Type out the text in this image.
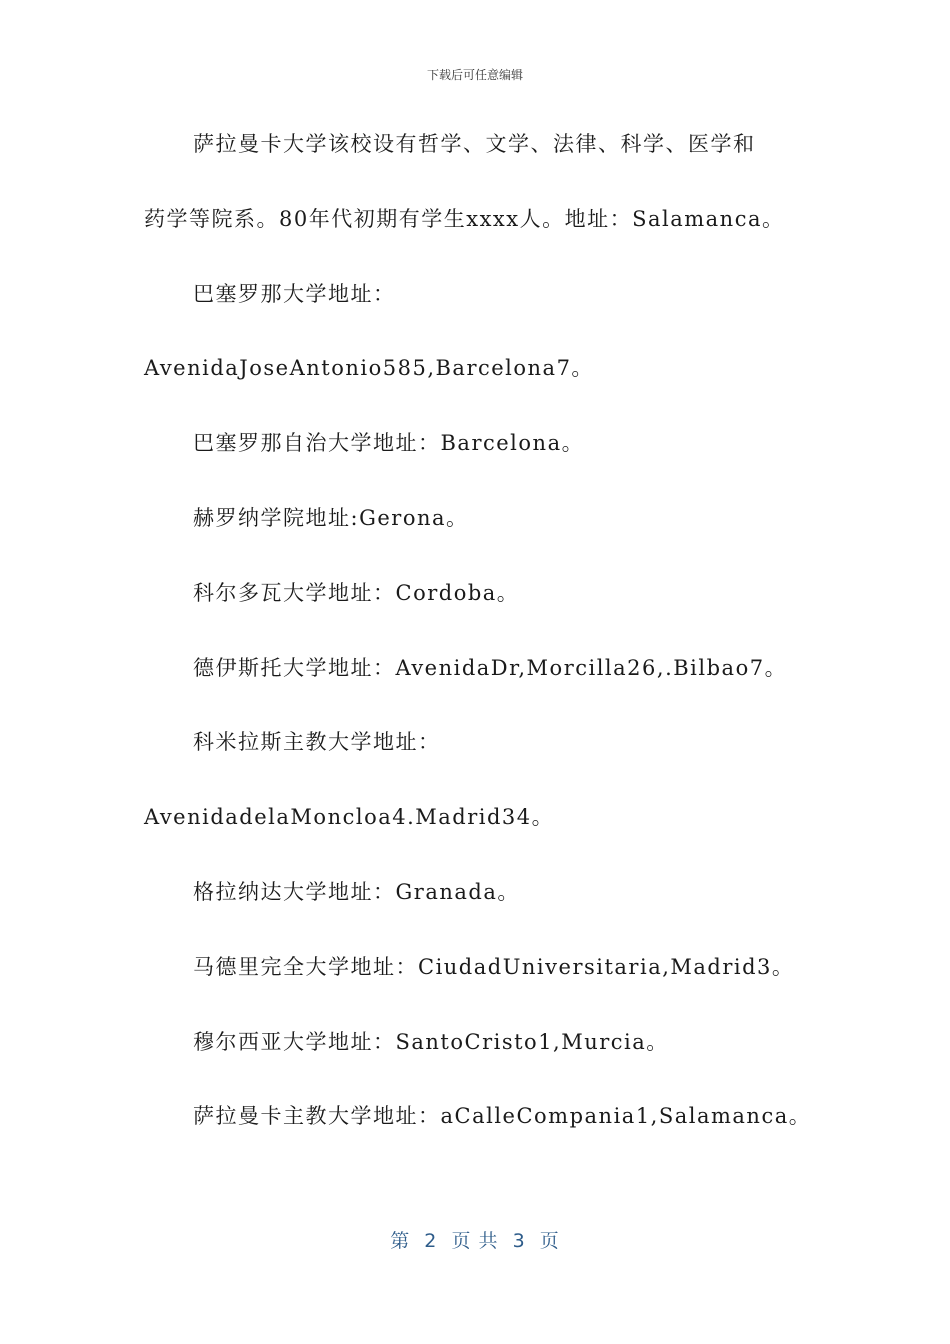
下载后可任意编辑
萨拉曼卡大学该校设有哲学、文学、法律、科学、医学和
药学等院系。80年代初期有学生xxxx人。地址：Salamanca。
巴塞罗那大学地址：
AvenidaJoseAntonio585,Barcelona7。
巴塞罗那自治大学地址：Barcelona。
赫罗纳学院地址:Gerona。
科尔多瓦大学地址：Cordoba。
德伊斯托大学地址：AvenidaDr,Morcilla26,.Bilbao7。
科米拉斯主教大学地址：
AvenidadelaMoncloa4.Madrid34。
格拉纳达大学地址：Granada。
马德里完全大学地址：CiudadUniversitaria,Madrid3。
穆尔西亚大学地址：SantoCristo1,Murcia。
萨拉曼卡主教大学地址：aCalleCompania1,Salamanca。
第  2  页 共  3  页
